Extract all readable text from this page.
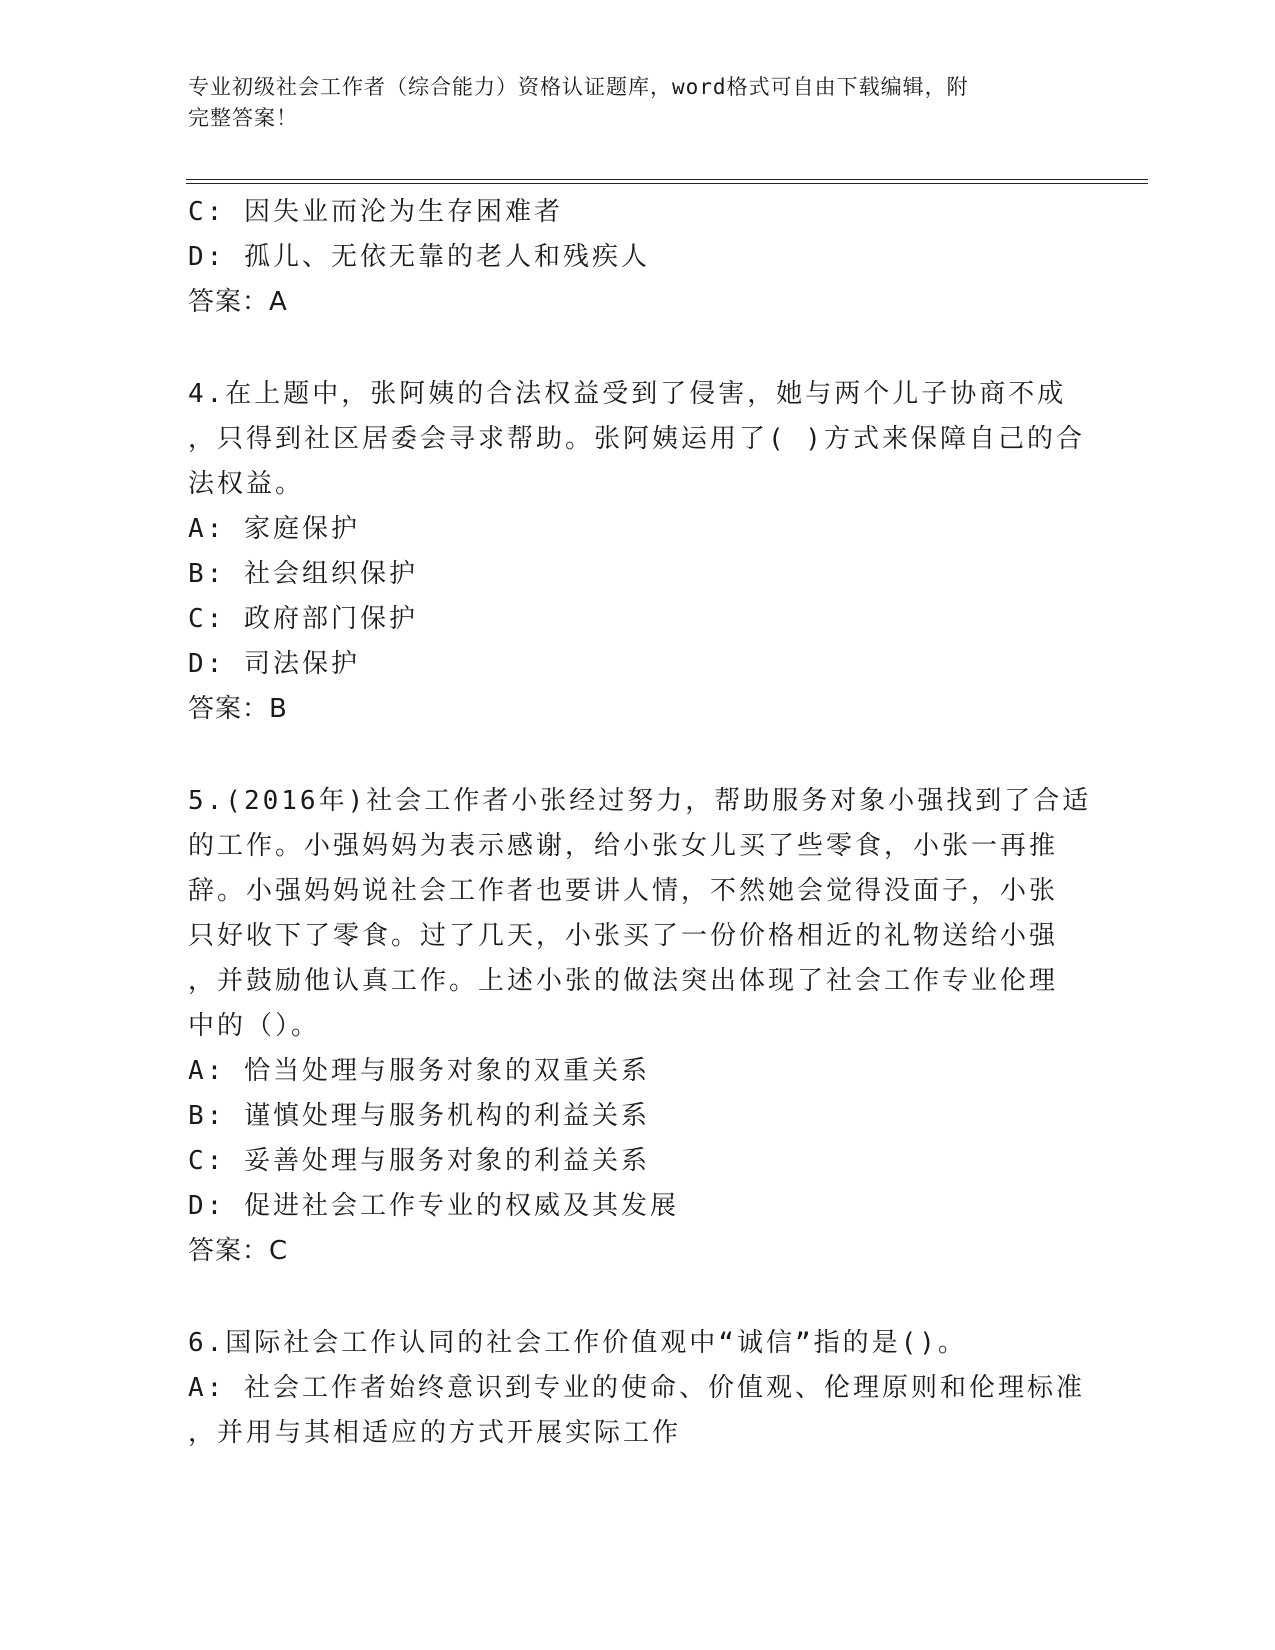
专业初级社会工作者（综合能力）资格认证题库，word格式可自由下载编辑，附
完整答案！
C: 因失业而沦为生存困难者
D: 孤儿、无依无靠的老人和残疾人
答案：A
4.在上题中，张阿姨的合法权益受到了侵害，她与两个儿子协商不成
，只得到社区居委会寻求帮助。张阿姨运用了( )方式来保障自己的合
法权益。
A: 家庭保护
B: 社会组织保护
C: 政府部门保护
D: 司法保护
答案：B
5.(2016年)社会工作者小张经过努力，帮助服务对象小强找到了合适
的工作。小强妈妈为表示感谢，给小张女儿买了些零食，小张一再推
辞。小强妈妈说社会工作者也要讲人情，不然她会觉得没面子，小张
只好收下了零食。过了几天，小张买了一份价格相近的礼物送给小强
，并鼓励他认真工作。上述小张的做法突出体现了社会工作专业伦理
中的（）。
A: 恰当处理与服务对象的双重关系
B: 谨慎处理与服务机构的利益关系
C: 妥善处理与服务对象的利益关系
D: 促进社会工作专业的权威及其发展
答案：C
6.国际社会工作认同的社会工作价值观中“诚信”指的是()。
A: 社会工作者始终意识到专业的使命、价值观、伦理原则和伦理标准
，并用与其相适应的方式开展实际工作
